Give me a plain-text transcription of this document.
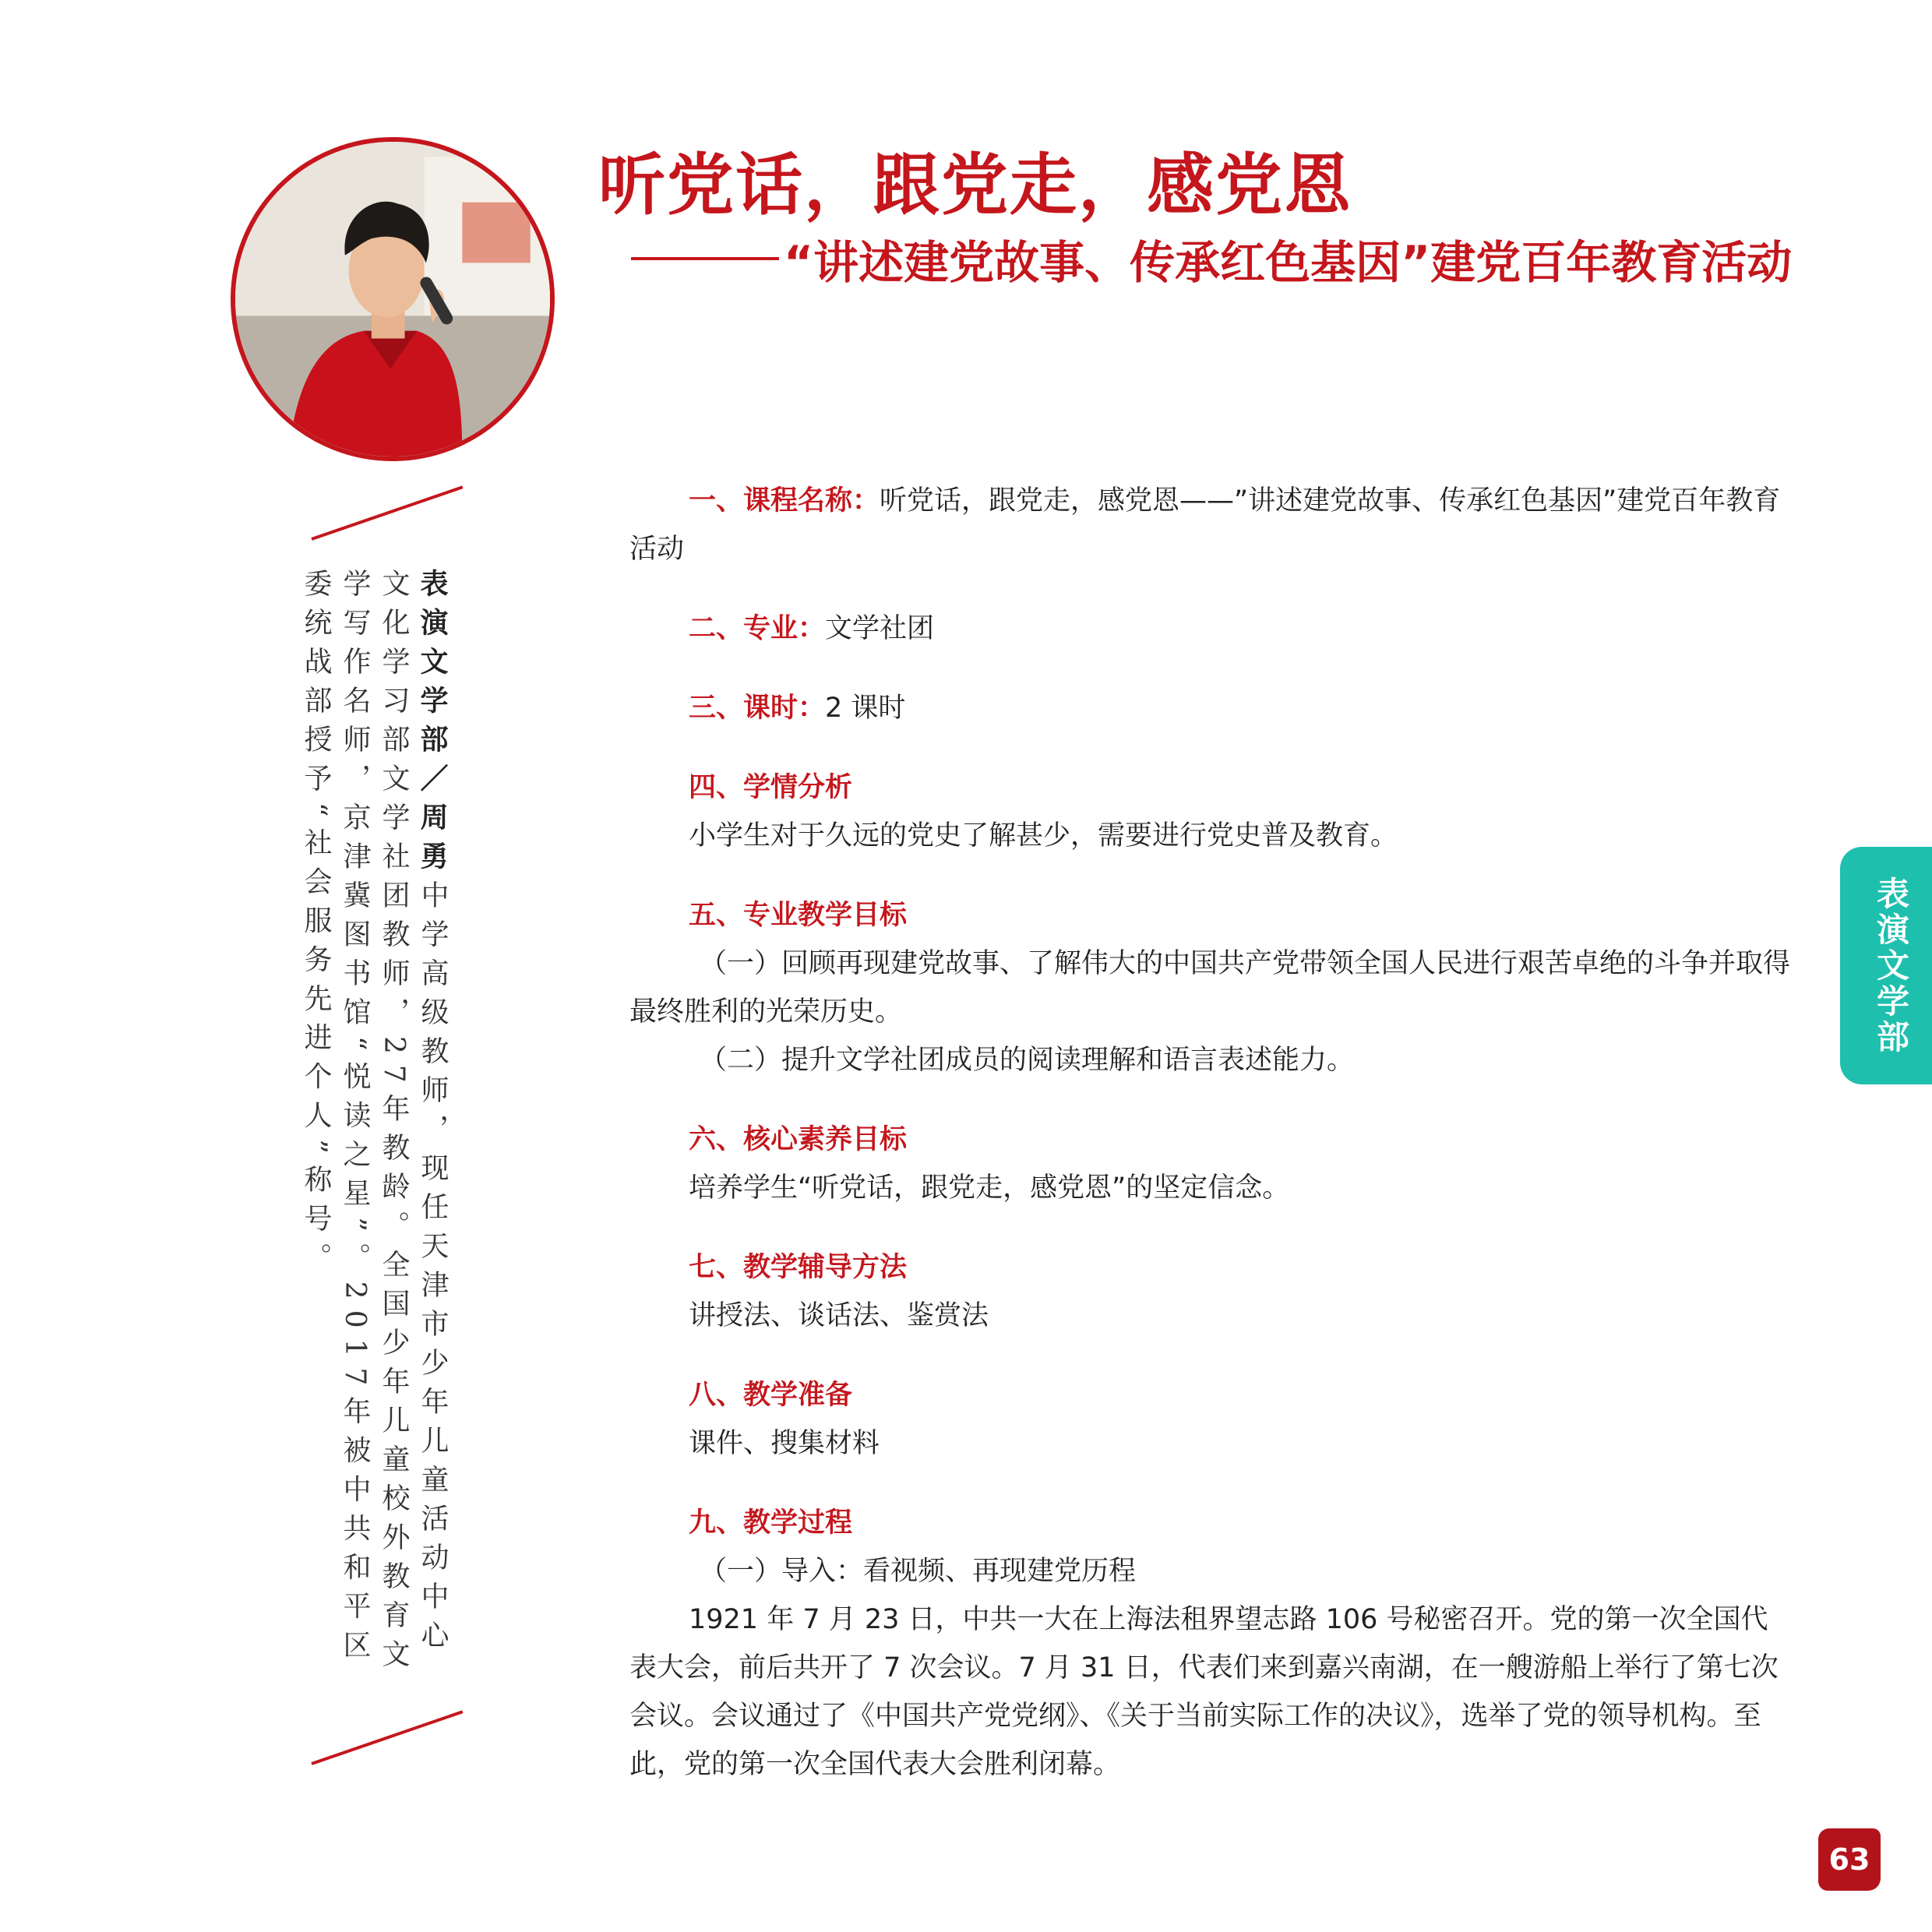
听党话，跟党走，感党恩
“讲述建党故事、传承红色基因”建党百年教育活动
表演文学部／周勇中学高级教师，现任天津市少年儿童活动中心文化学习部文学社团教师，27年教龄。全国少年儿童校外教育文学写作名师，京津冀图书馆“悦读之星”。2017年被中共和平区委统战部授予“社会服务先进个人”称号。

一、课程名称：听党话，跟党走，感党恩——”讲述建党故事、传承红色基因”建党百年教育活动

二、专业：文学社团

三、课时：2 课时

四、学情分析

小学生对于久远的党史了解甚少，需要进行党史普及教育。

五、专业教学目标

（一）回顾再现建党故事、了解伟大的中国共产党带领全国人民进行艰苦卓绝的斗争并取得最终胜利的光荣历史。

（二）提升文学社团成员的阅读理解和语言表述能力。

六、核心素养目标

培养学生“听党话，跟党走，感党恩”的坚定信念。

七、教学辅导方法

讲授法、谈话法、鉴赏法

八、教学准备

课件、搜集材料

九、教学过程

（一）导入：看视频、再现建党历程

1921 年 7 月 23 日，中共一大在上海法租界望志路 106 号秘密召开。党的第一次全国代表大会，前后共开了 7 次会议。7 月 31 日，代表们来到嘉兴南湖，在一艘游船上举行了第七次会议。会议通过了《中国共产党党纲》、《关于当前实际工作的决议》，选举了党的领导机构。至此，党的第一次全国代表大会胜利闭幕。

表演文学部
63
